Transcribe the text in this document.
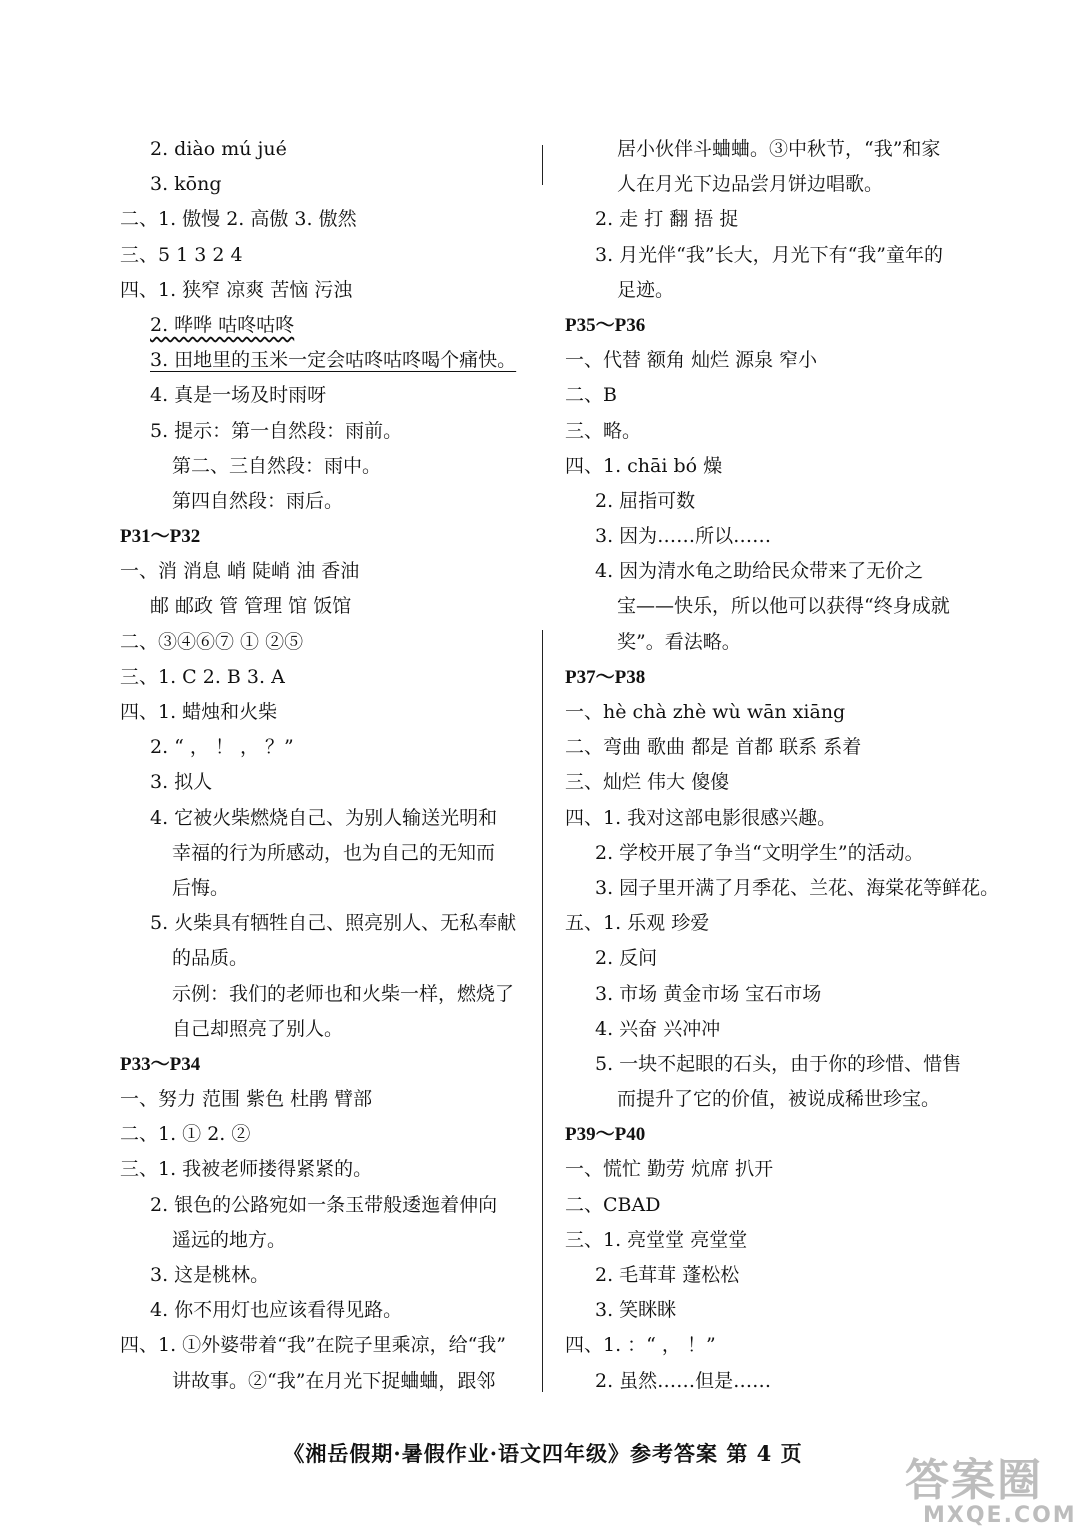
2. diào mú jué
3. kōng
二、1. 傲慢 2. 高傲 3. 傲然
三、5 1 3 2 4
四、1. 狭窄 凉爽 苦恼 污浊
2. 哗哗 咕咚咕咚
3. 田地里的玉米一定会咕咚咕咚喝个痛快。
4. 真是一场及时雨呀
5. 提示：第一自然段：雨前。
第二、三自然段：雨中。
第四自然段：雨后。
P31～P32
一、消 消息 峭 陡峭 油 香油
邮 邮政 管 管理 馆 饭馆
二、③④⑥⑦ ① ②⑤
三、1. C 2. B 3. A
四、1. 蜡烛和火柴
2. “ ， ！ ， ？”
3. 拟人
4. 它被火柴燃烧自己、为别人输送光明和
幸福的行为所感动，也为自己的无知而
后悔。
5. 火柴具有牺牲自己、照亮别人、无私奉献
的品质。
示例：我们的老师也和火柴一样，燃烧了
自己却照亮了别人。
P33～P34
一、努力 范围 紫色 杜鹃 臂部
二、1. ① 2. ②
三、1. 我被老师搂得紧紧的。
2. 银色的公路宛如一条玉带般逶迤着伸向
遥远的地方。
3. 这是桃林。
4. 你不用灯也应该看得见路。
四、1. ①外婆带着“我”在院子里乘凉，给“我”
讲故事。②“我”在月光下捉蛐蛐，跟邻
居小伙伴斗蛐蛐。③中秋节，“我”和家
人在月光下边品尝月饼边唱歌。
2. 走 打 翻 捂 捉
3. 月光伴“我”长大，月光下有“我”童年的
足迹。
P35～P36
一、代替 额角 灿烂 源泉 窄小
二、B
三、略。
四、1. chāi bó 燥
2. 屈指可数
3. 因为……所以……
4. 因为清水龟之助给民众带来了无价之
宝——快乐，所以他可以获得“终身成就
奖”。看法略。
P37～P38
一、hè chà zhè wù wān xiāng
二、弯曲 歌曲 都是 首都 联系 系着
三、灿烂 伟大 傻傻
四、1. 我对这部电影很感兴趣。
2. 学校开展了争当“文明学生”的活动。
3. 园子里开满了月季花、兰花、海棠花等鲜花。
五、1. 乐观 珍爱
2. 反问
3. 市场 黄金市场 宝石市场
4. 兴奋 兴冲冲
5. 一块不起眼的石头，由于你的珍惜、惜售
而提升了它的价值，被说成稀世珍宝。
P39～P40
一、慌忙 勤劳 炕席 扒开
二、CBAD
三、1. 亮堂堂 亮堂堂
2. 毛茸茸 蓬松松
3. 笑眯眯
四、1. ：“ ， ！”
2. 虽然……但是……
《湘岳假期·暑假作业·语文四年级》参考答案 第 4 页
答案圈
MXQE.COM
